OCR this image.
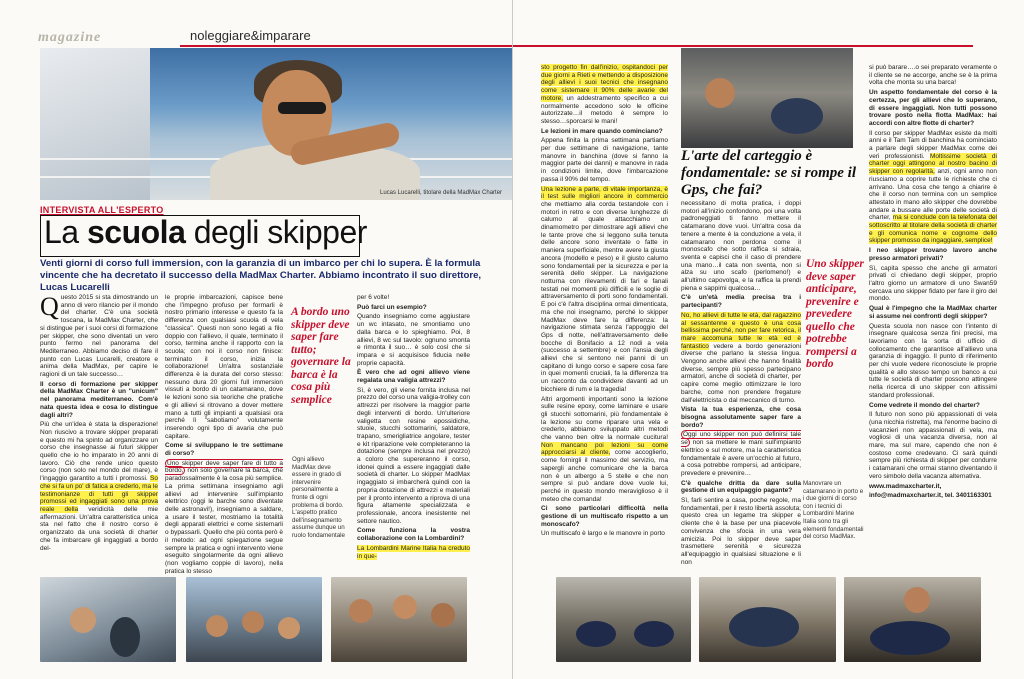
magazine	noleggiare&imparare
Lucas Lucarelli, titolare della MadMax Charter
INTERVISTA ALL'ESPERTO
La scuola degli skipper
Venti giorni di corso full immersion, con la garanzia di un imbarco per chi lo supera. È la formula vincente che ha decretato il successo della MadMax Charter. Abbiamo incontrato il suo direttore, Lucas Lucarelli
Q uesto 2015 si sta dimostrando un anno di vero rilancio per il mondo del charter. C'è una società toscana, la MadMax Charter, che si distingue per i suoi corsi di formazione per skipper, che sono diventati un vero punto fermo nel panorama del Mediterraneo. Abbiamo deciso di fare il punto con Lucas Lucarelli, creatore e anima della MadMax, per capire le ragioni di un tale successo…

Il corso di formazione per skipper della MadMax Charter è un "unicum" nel panorama mediterraneo. Com'è nata questa idea e cosa lo distingue dagli altri?

Più che un'idea è stata la disperazione! Non riuscivo a trovare skipper preparati e questo mi ha spinto ad organizzare un corso che insegnasse ai futuri skipper quello che io ho imparato in 20 anni di lavoro. Ciò che rende unico questo corso (non solo nel mondo del mare), è l'ingaggio garantito a tutti i promossi. So che si fa un po' di fatica a crederlo, ma le testimonianze di tutti gli skipper promossi ed ingaggiati sono una prova reale della veridicità delle mie affermazioni. Un'altra caratteristica unica sta nel fatto che il nostro corso è organizzato da una società di charter che fa imbarcare gli ingaggiati a bordo del-

le proprie imbarcazioni, capisce bene che l'impegno profuso per formarli è nostro primario interesse e questo fa la differenza con qualsiasi scuola di vela "classica". Questi non sono legati a filo doppio con l'allievo, il quale, terminato il corso, termina anche il rapporto con la scuola; con noi il corso non finisce: terminato il corso, inizia la collaborazione! Un'altra sostanziale differenza è la durata del corso stesso: nessuno dura 20 giorni full immersion vissuti a bordo di un catamarano, dove le lezioni sono sia teoriche che pratiche e gli allievi si ritrovano a dover mettere mano a tutti gli impianti a qualsiasi ora perché lì "sabotiamo" volutamente inserendo ogni tipo di avaria che può capitare.

Come si sviluppano le tre settimane di corso?

Uno skipper deve saper fare di tutto a bordo, non solo governare la barca, che paradossalmente è la cosa più semplice. La prima settimana insegniamo agli allievi ad intervenire sull'impianto elettrico (oggi le barche sono diventate delle astronavi!), insegniamo a saldare, a usare il tester, mostriamo la totalità degli apparati elettrici e come sistemarli o bypassarli. Quello che più conta però è il metodo: ad ogni spiegazione segue sempre la pratica e ogni intervento viene eseguito singolarmente da ogni allievo (non vogliamo coppie di lavoro), nella pratica lo stesso

A bordo uno skipper deve saper fare tutto; governare la barca è la cosa più semplice
Ogni allievo MadMax deve essere in grado di intervenire personalmente a fronte di ogni problema di bordo. L'aspetto pratico dell'insegnamento assume dunque un ruolo fondamentale

per 6 volte!

Può farci un esempio?

Quando insegniamo come aggiustare un wc intasato, ne smontiamo uno dalla barca e lo spieghiamo. Poi, 8 allievi, 8 wc sul tavolo: ognuno smonta e rimonta il suo… è solo così che si impara e si acquisisce fiducia nelle proprie capacità.

È vero che ad ogni allievo viene regalata una valigia attrezzi?

Sì, è vero, gli viene fornita inclusa nel prezzo del corso una valigia-trolley con attrezzi per risolvere la maggior parte degli interventi di bordo. Un'ulteriore valigetta con resine epossidiche, stuoie, stucchi sottomarini, saldatore, trapano, smerigliatrice angolare, tester e kit riparazione vele completeranno la dotazione (sempre inclusa nel prezzo) a coloro che supereranno il corso, idonei quindi a essere ingaggiati dalle società di charter. Lo skipper MadMax ingaggiato si imbarcherà quindi con la propria dotazione di attrezzi e materiali per il pronto intervento a riprova di una figura altamente specializzata e professionale, ancora inesistente nel settore nautico.

Come funziona la vostra collaborazione con la Lombardini?

La Lombardini Marine Italia ha creduto in que-

sto progetto fin dall'inizio, ospitandoci per due giorni a Rieti e mettendo a disposizione degli allievi i suoi tecnici che insegnano come sistemare il 90% delle avarie del motore, un addestramento specifico a cui normalmente accedono solo le officine autorizzate…il metodo è sempre lo stesso…sporcarsi le mani!

Le lezioni in mare quando cominciano?

Appena finita la prima settimana partiamo per due settimane di navigazione, tante manovre in banchina (dove si fanno la maggior parte dei danni) e manovre in rada in condizioni limite, dove l'imbarcazione passa il 90% del tempo.

Una lezione a parte, di vitale importanza, è il test sulle migliori ancore in commercio che mettiamo alla corda testandole con i motori in retro e con diverse lunghezze di calumo al quale attacchiamo un dinamometro per dimostrare agli allievi che le tante prove che si leggono sulla tenuta delle ancore sono inventate o fatte in maniera superficiale, mentre avere la giusta ancora (modello e peso) e il giusto calumo sono fondamentali per la sicurezza e per la serenità dello skipper. La navigazione notturna con rilevamenti di fari e fanali testati nei momenti più difficili e le soglie di attraversamento di porti sono fondamentali. E poi c'è l'altra disciplina ormai dimenticata, ma che noi insegnamo, perché lo skipper MadMax deve fare la differenza: la navigazione stimata senza l'appoggio del Gps di notte, nell'attraversamento delle bocche di Bonifacio a 12 nodi a vela (successo a settembre) e con l'ansia degli allievi che si sentono nei panni di un capitano di lungo corso e sapere cosa fare in quei momenti cruciali, fa la differenza tra un racconto da condividere davanti ad un bicchiere di rum e la tragedia!

Altri argomenti importanti sono la lezione sulle resine epoxy, come laminare e usare gli stucchi sottomarini, più fondamentale è la lezione su come riparare una vela e crederlo, abbiamo sviluppato altri metodi che vanno ben oltre la normale cucitura! Non mancano poi lezioni su come approcciarsi al cliente, come accoglierlo, come fornirgli il massimo del servizio, ma sapergli anche comunicare che la barca non è un albergo a 5 stelle e che non sempre si può andare dove vuole lui, perché in questo mondo meraviglioso è il meteo che comanda!

Ci sono particolari difficoltà nella gestione di un multiscafo rispetto a un monoscafo?

Un multiscafo è largo e le manovre in porto

L'arte del carteggio è fondamentale: se si rompe il Gps, che fai?

necessitano di molta pratica, i doppi motori all'inizio confondono, poi una volta padroneggiati ti fanno mettere il catamarano dove vuoi. Un'altra cosa da tenere a mente è la conduzione a vela, il catamarano non perdona come il monoscafo che sotto raffica si sdraia, sventa e capisci che il caso di prendere una mano…il cata non sventa, non si alza su uno scafo (perlomeno!) e all'ultimo capovolga, e la raffica la prendi piena e sappimi qualcosa…

C'è un'età media precisa tra i partecipanti?

No, ho allievi di tutte le età, dal ragazzino al sessantenne e questo è una cosa bellissima perché, non per fare retorica, il mare accomuna tutte le età ed è fantastico vedere a bordo generazioni diverse che parlano la stessa lingua. Vengono anche allievi che hanno finalità diverse, sempre più spesso partecipano armatori, anche di società di charter, per capire come meglio ottimizzare le loro barche, come non prendere fregature dall'elettricista o dal meccanico di turno.

Vista la tua esperienza, che cosa bisogna assolutamente saper fare a bordo?

Oggi uno skipper non può definirsi tale se non sa mettere le mani sull'impianto elettrico e sul motore, ma la caratteristica fondamentale è avere un'occhio al futuro, a cosa potrebbe rompersi, ad anticipare, prevedere e prevenire…

C'è qualche dritta da dare sulla gestione di un equipaggio pagante?

Sì, farli sentire a casa, poche regole, ma fondamentali, per il resto libertà assoluta; questo crea un legame tra skipper e cliente che è la base per una piacevole convivenza che sfocia in una vera amicizia. Poi lo skipper deve saper trasmettere serenità e sicurezza all'equipaggio in qualsiasi situazione e li non

Uno skipper deve saper anticipare, prevenire e prevedere quello che potrebbe rompersi a bordo
Manovrare un catamarano in porto e i due giorni di corso con i tecnici di Lombardini Marine Italia sono tra gli elementi fondamentali del corso MadMax.

si può barare….o sei preparato veramente o il cliente se ne accorge, anche se è la prima volta che monta su una barca!

Un aspetto fondamentale del corso è la certezza, per gli allievi che lo superano, di essere ingaggiati. Non tutti possono trovare posto nella flotta MadMax: hai accordi con altre flotte di charter?

Il corso per skipper MadMax esiste da molti anni e il Tam Tam di banchina ha cominciato a parlare degli skipper MadMax come dei veri professionisti. Moltissime società di charter oggi attingono al nostro bacino di skipper con regolarità, anzi, ogni anno non riusciamo a coprire tutte le richieste che ci arrivano. Una cosa che tengo a chiarire è che il corso non termina con un semplice attestato in mano allo skipper che dovrebbe andare a bussare alle porte delle società di charter, ma si conclude con la telefonata del sottoscritto al titolare della società di charter e gli comunica nome e cognome dello skipper promosso da ingaggiare, semplice!

I neo skipper trovano lavoro anche presso armatori privati?

Sì, capita spesso che anche gli armatori privati ci chiedano degli skipper, proprio l'altro giorno un armatore di uno Swan59 cercava uno skipper fidato per fare il giro del mondo.

Qual è l'impegno che la MadMax charter si assume nei confronti degli skipper?

Questa scuola non nasce con l'intento di insegnare qualcosa senza fini precisi, ma lavoriamo con la sorta di ufficio di collocamento che garantisce all'allievo una garanzia di ingaggio. Il punto di riferimento per chi vuole vedere riconosciute le proprie qualità e allo stesso tempo un banco a cui tutte le società di charter possono attingere nella ricerca di uno skipper con altissimi standard professionali.

Come vedrete il mondo del charter?

Il futuro non sono più appassionati di vela (una nicchia ristretta), ma l'enorme bacino di vacanzieri non appassionati di vela, ma vogliosi di una vacanza diversa, non al mare, ma sul mare, capendo che non è costoso come credevano. Ci sarà quindi sempre più richiesta di skipper per condurre i catamarani che ormai stanno diventando il vero simbolo della vacanza alternativa.

www.madmaxcharter.it,

info@madmaxcharter.it, tel. 3401163301
